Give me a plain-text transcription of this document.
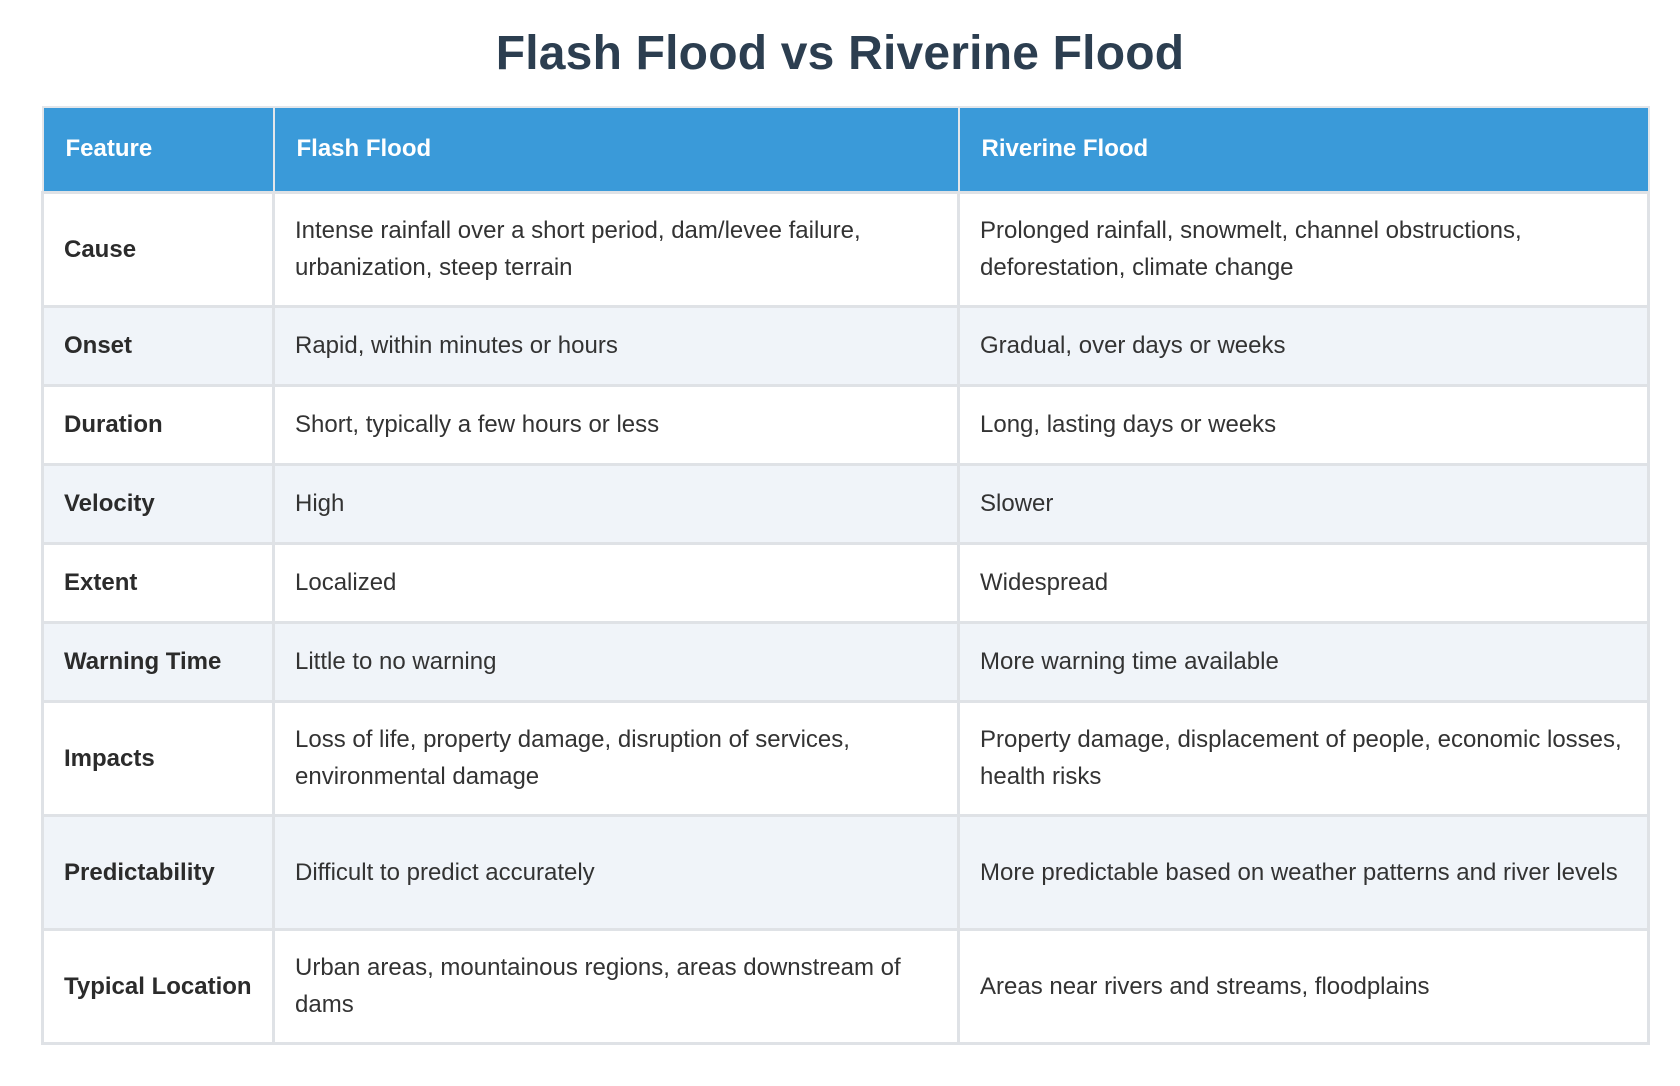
Flash Flood vs Riverine Flood
Feature	Flash Flood	Riverine Flood
Cause	Intense rainfall over a short period, dam/levee failure, urbanization, steep terrain	Prolonged rainfall, snowmelt, channel obstructions, deforestation, climate change
Onset	Rapid, within minutes or hours	Gradual, over days or weeks
Duration	Short, typically a few hours or less	Long, lasting days or weeks
Velocity	High	Slower
Extent	Localized	Widespread
Warning Time	Little to no warning	More warning time available
Impacts	Loss of life, property damage, disruption of services, environmental damage	Property damage, displacement of people, economic losses, health risks
Predictability	Difficult to predict accurately	More predictable based on weather patterns and river levels
Typical Location	Urban areas, mountainous regions, areas downstream of dams	Areas near rivers and streams, floodplains
